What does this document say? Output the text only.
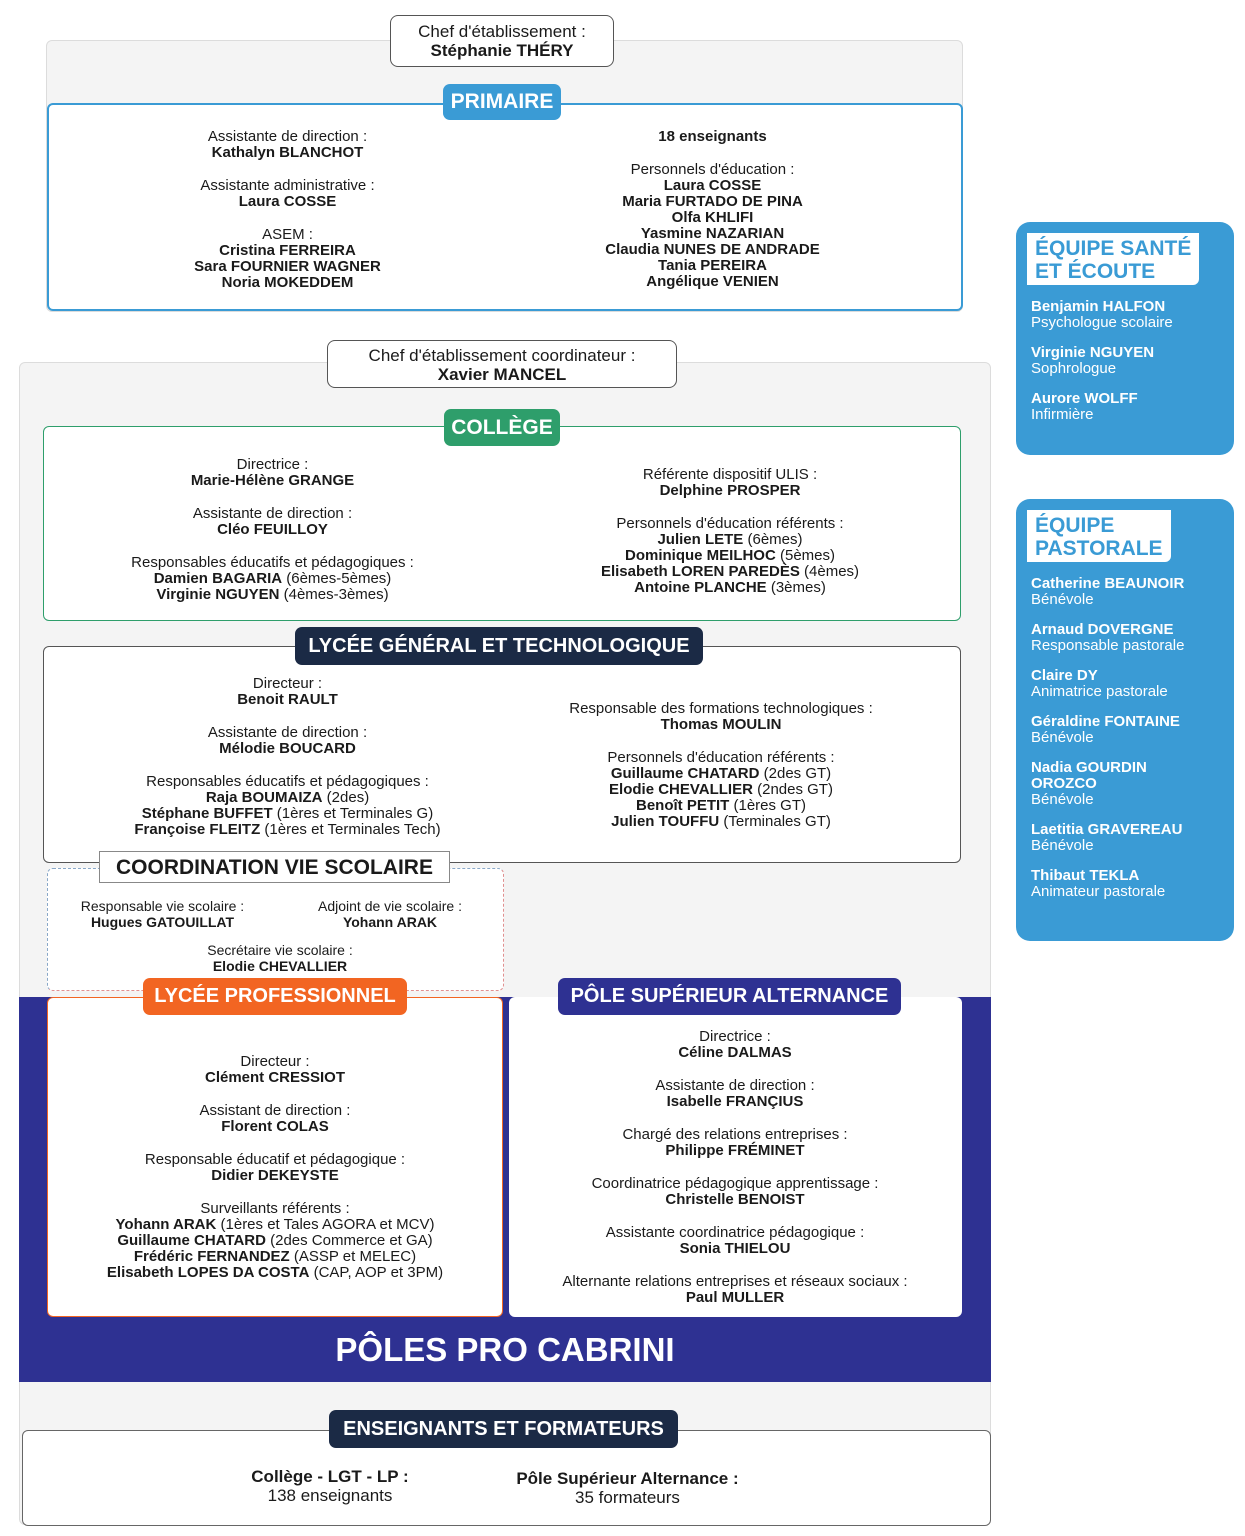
Chef d'établissement :
Stéphanie THÉRY
PRIMAIRE
Assistante de direction :
Kathalyn BLANCHOT
Assistante administrative :
Laura COSSE
ASEM :
Cristina FERREIRA
Sara FOURNIER WAGNER
Noria MOKEDDEM
18 enseignants
Personnels d'éducation :
Laura COSSE
Maria FURTADO DE PINA
Olfa KHLIFI
Yasmine NAZARIAN
Claudia NUNES DE ANDRADE
Tania PEREIRA
Angélique VENIEN
Chef d'établissement coordinateur :
Xavier MANCEL
COLLÈGE
Directrice :
Marie-Hélène GRANGE
Assistante de direction :
Cléo FEUILLOY
Responsables éducatifs et pédagogiques :
Damien BAGARIA (6èmes-5èmes)
Virginie NGUYEN (4èmes-3èmes)
Référente dispositif ULIS :
Delphine PROSPER
Personnels d'éducation référents :
Julien LETE (6èmes)
Dominique MEILHOC (5èmes)
Elisabeth LOREN PAREDÈS (4èmes)
Antoine PLANCHE (3èmes)
LYCÉE GÉNÉRAL ET TECHNOLOGIQUE
Directeur :
Benoit RAULT
Assistante de direction :
Mélodie BOUCARD
Responsables éducatifs et pédagogiques :
Raja BOUMAIZA (2des)
Stéphane BUFFET (1ères et Terminales G)
Françoise FLEITZ (1ères et Terminales Tech)
Responsable des formations technologiques :
Thomas MOULIN
Personnels d'éducation référents :
Guillaume CHATARD (2des GT)
Elodie CHEVALLIER (2ndes GT)
Benoît PETIT (1ères GT)
Julien TOUFFU (Terminales GT)
COORDINATION VIE SCOLAIRE
Responsable vie scolaire :
Hugues GATOUILLAT
Adjoint de vie scolaire :
Yohann ARAK
Secrétaire vie scolaire :
Elodie CHEVALLIER
LYCÉE PROFESSIONNEL
Directeur :
Clément CRESSIOT
Assistant de direction :
Florent COLAS
Responsable éducatif et pédagogique :
Didier DEKEYSTE
Surveillants référents :
Yohann ARAK (1ères et Tales AGORA et MCV)
Guillaume CHATARD (2des Commerce et GA)
Frédéric FERNANDEZ (ASSP et MELEC)
Elisabeth LOPES DA COSTA (CAP, AOP et 3PM)
PÔLE SUPÉRIEUR ALTERNANCE
Directrice :
Céline DALMAS
Assistante de direction :
Isabelle FRANÇIUS
Chargé des relations entreprises :
Philippe FRÉMINET
Coordinatrice pédagogique apprentissage :
Christelle BENOIST
Assistante coordinatrice pédagogique :
Sonia THIELOU
Alternante relations entreprises et réseaux sociaux :
Paul MULLER
PÔLES PRO CABRINI
ENSEIGNANTS ET FORMATEURS
Collège - LGT - LP :
138 enseignants
Pôle Supérieur Alternance :
35 formateurs
ÉQUIPE SANTÉ
ET ÉCOUTE
Benjamin HALFON
Psychologue scolaire
Virginie NGUYEN
Sophrologue
Aurore WOLFF
Infirmière
ÉQUIPE
PASTORALE
Catherine BEAUNOIR
Bénévole
Arnaud DOVERGNE
Responsable pastorale
Claire DY
Animatrice pastorale
Géraldine FONTAINE
Bénévole
Nadia GOURDIN OROZCO
Bénévole
Laetitia GRAVEREAU
Bénévole
Thibaut TEKLA
Animateur pastorale
